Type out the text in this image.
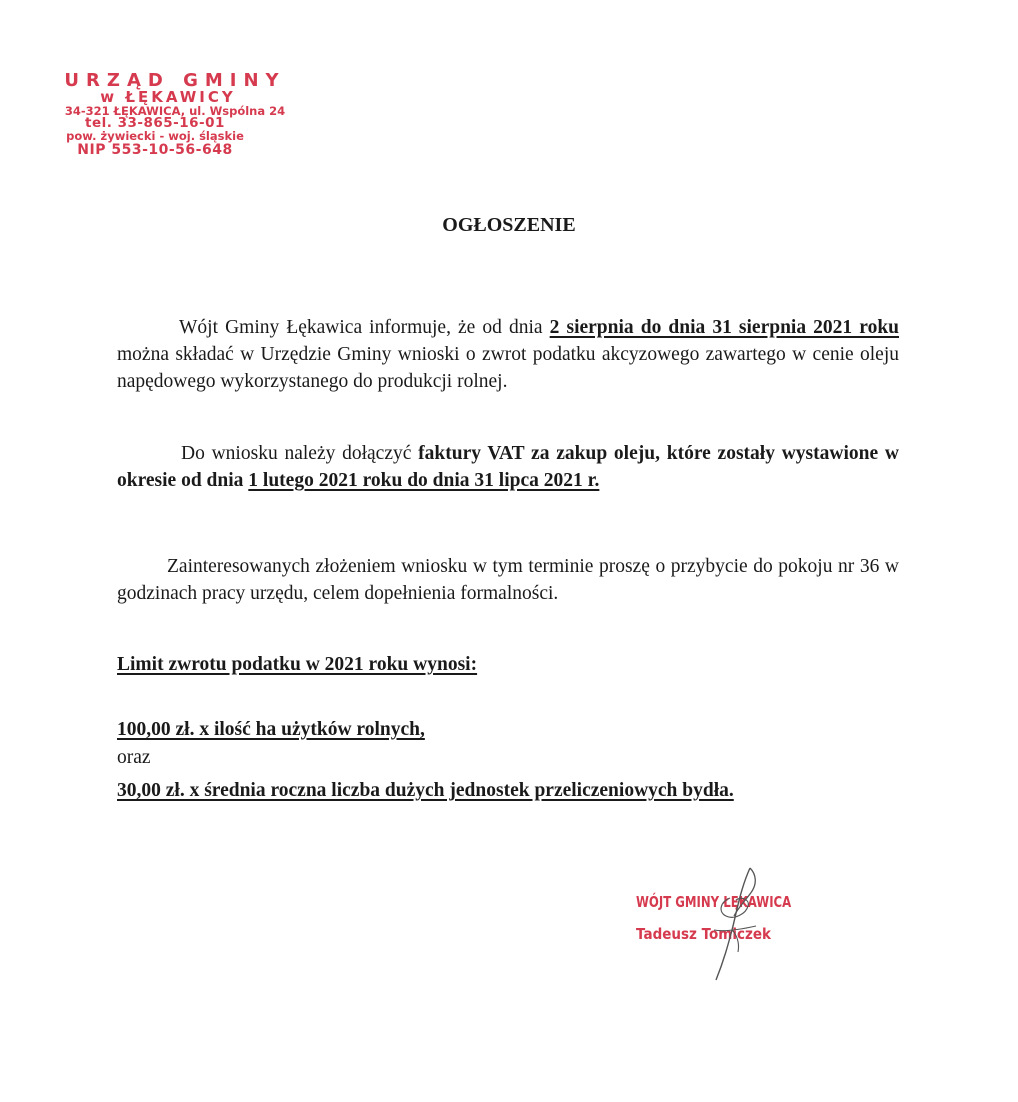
URZĄD GMINY
w ŁĘKAWICY
34-321 ŁĘKAWICA, ul. Wspólna 24
tel. 33-865-16-01
pow. żywiecki - woj. śląskie
NIP 553-10-56-648
OGŁOSZENIE
Wójt Gminy Łękawica informuje, że od dnia 2 sierpnia do dnia 31 sierpnia 2021 roku można składać w Urzędzie Gminy wnioski o zwrot podatku akcyzowego zawartego w cenie oleju napędowego wykorzystanego do produkcji rolnej.
Do wniosku należy dołączyć faktury VAT za zakup oleju, które zostały wystawione w okresie od dnia 1 lutego 2021 roku do dnia 31 lipca 2021 r.
Zainteresowanych złożeniem wniosku w tym terminie proszę o przybycie do pokoju nr 36 w godzinach pracy urzędu, celem dopełnienia formalności.
Limit zwrotu podatku w 2021 roku wynosi:
100,00 zł. x ilość ha użytków rolnych,
oraz
30,00 zł. x średnia roczna liczba dużych jednostek przeliczeniowych bydła.
WÓJT GMINY ŁĘKAWICA
Tadeusz Tomiczek
